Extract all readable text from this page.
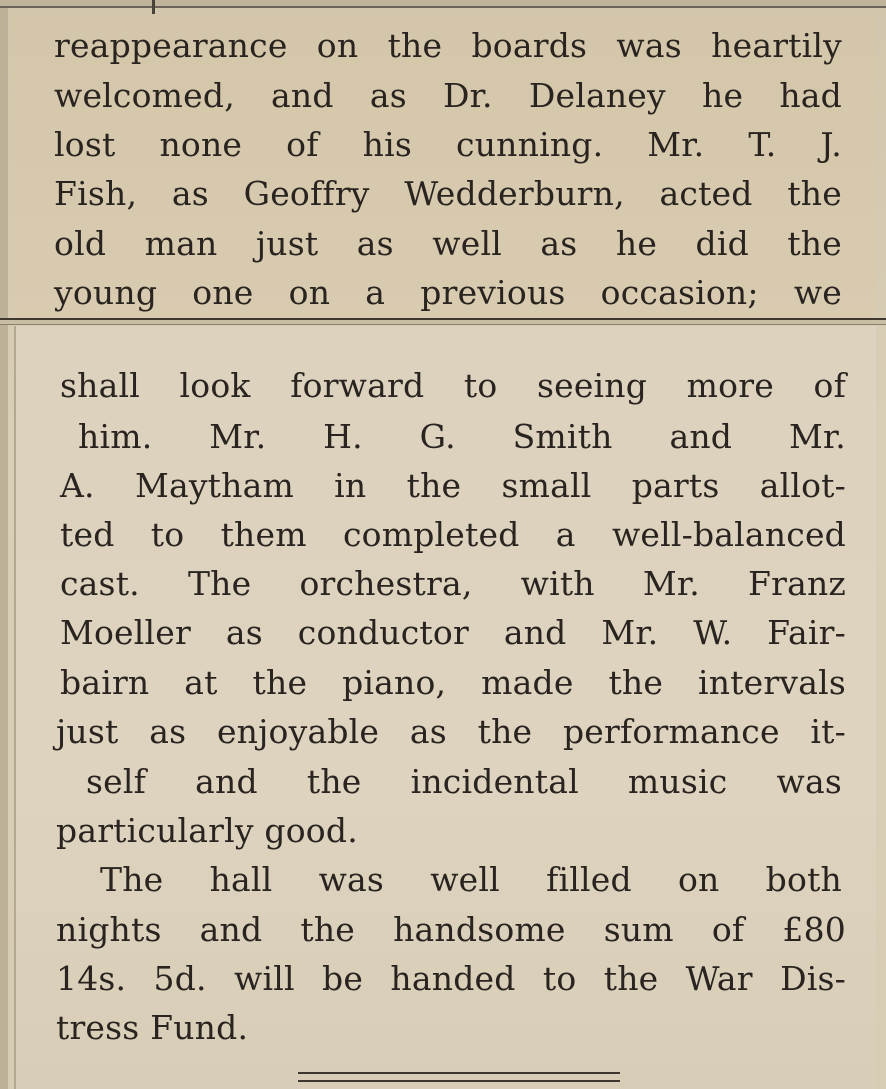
reappearance on the boards was heartily
welcomed, and as Dr. Delaney he had
lost none of his cunning. Mr. T. J.
Fish, as Geoffry Wedderburn, acted the
old man just as well as he did the
young one on a previous occasion; we
shall look forward to seeing more of
him. Mr. H. G. Smith and Mr.
A. Maytham in the small parts allot-
ted to them completed a well-balanced
cast. The orchestra, with Mr. Franz
Moeller as conductor and Mr. W. Fair-
bairn at the piano, made the intervals
just as enjoyable as the performance it-
self and the incidental music was
particularly good.
The hall was well filled on both
nights and the handsome sum of £80
14s. 5d. will be handed to the War Dis-
tress Fund.
